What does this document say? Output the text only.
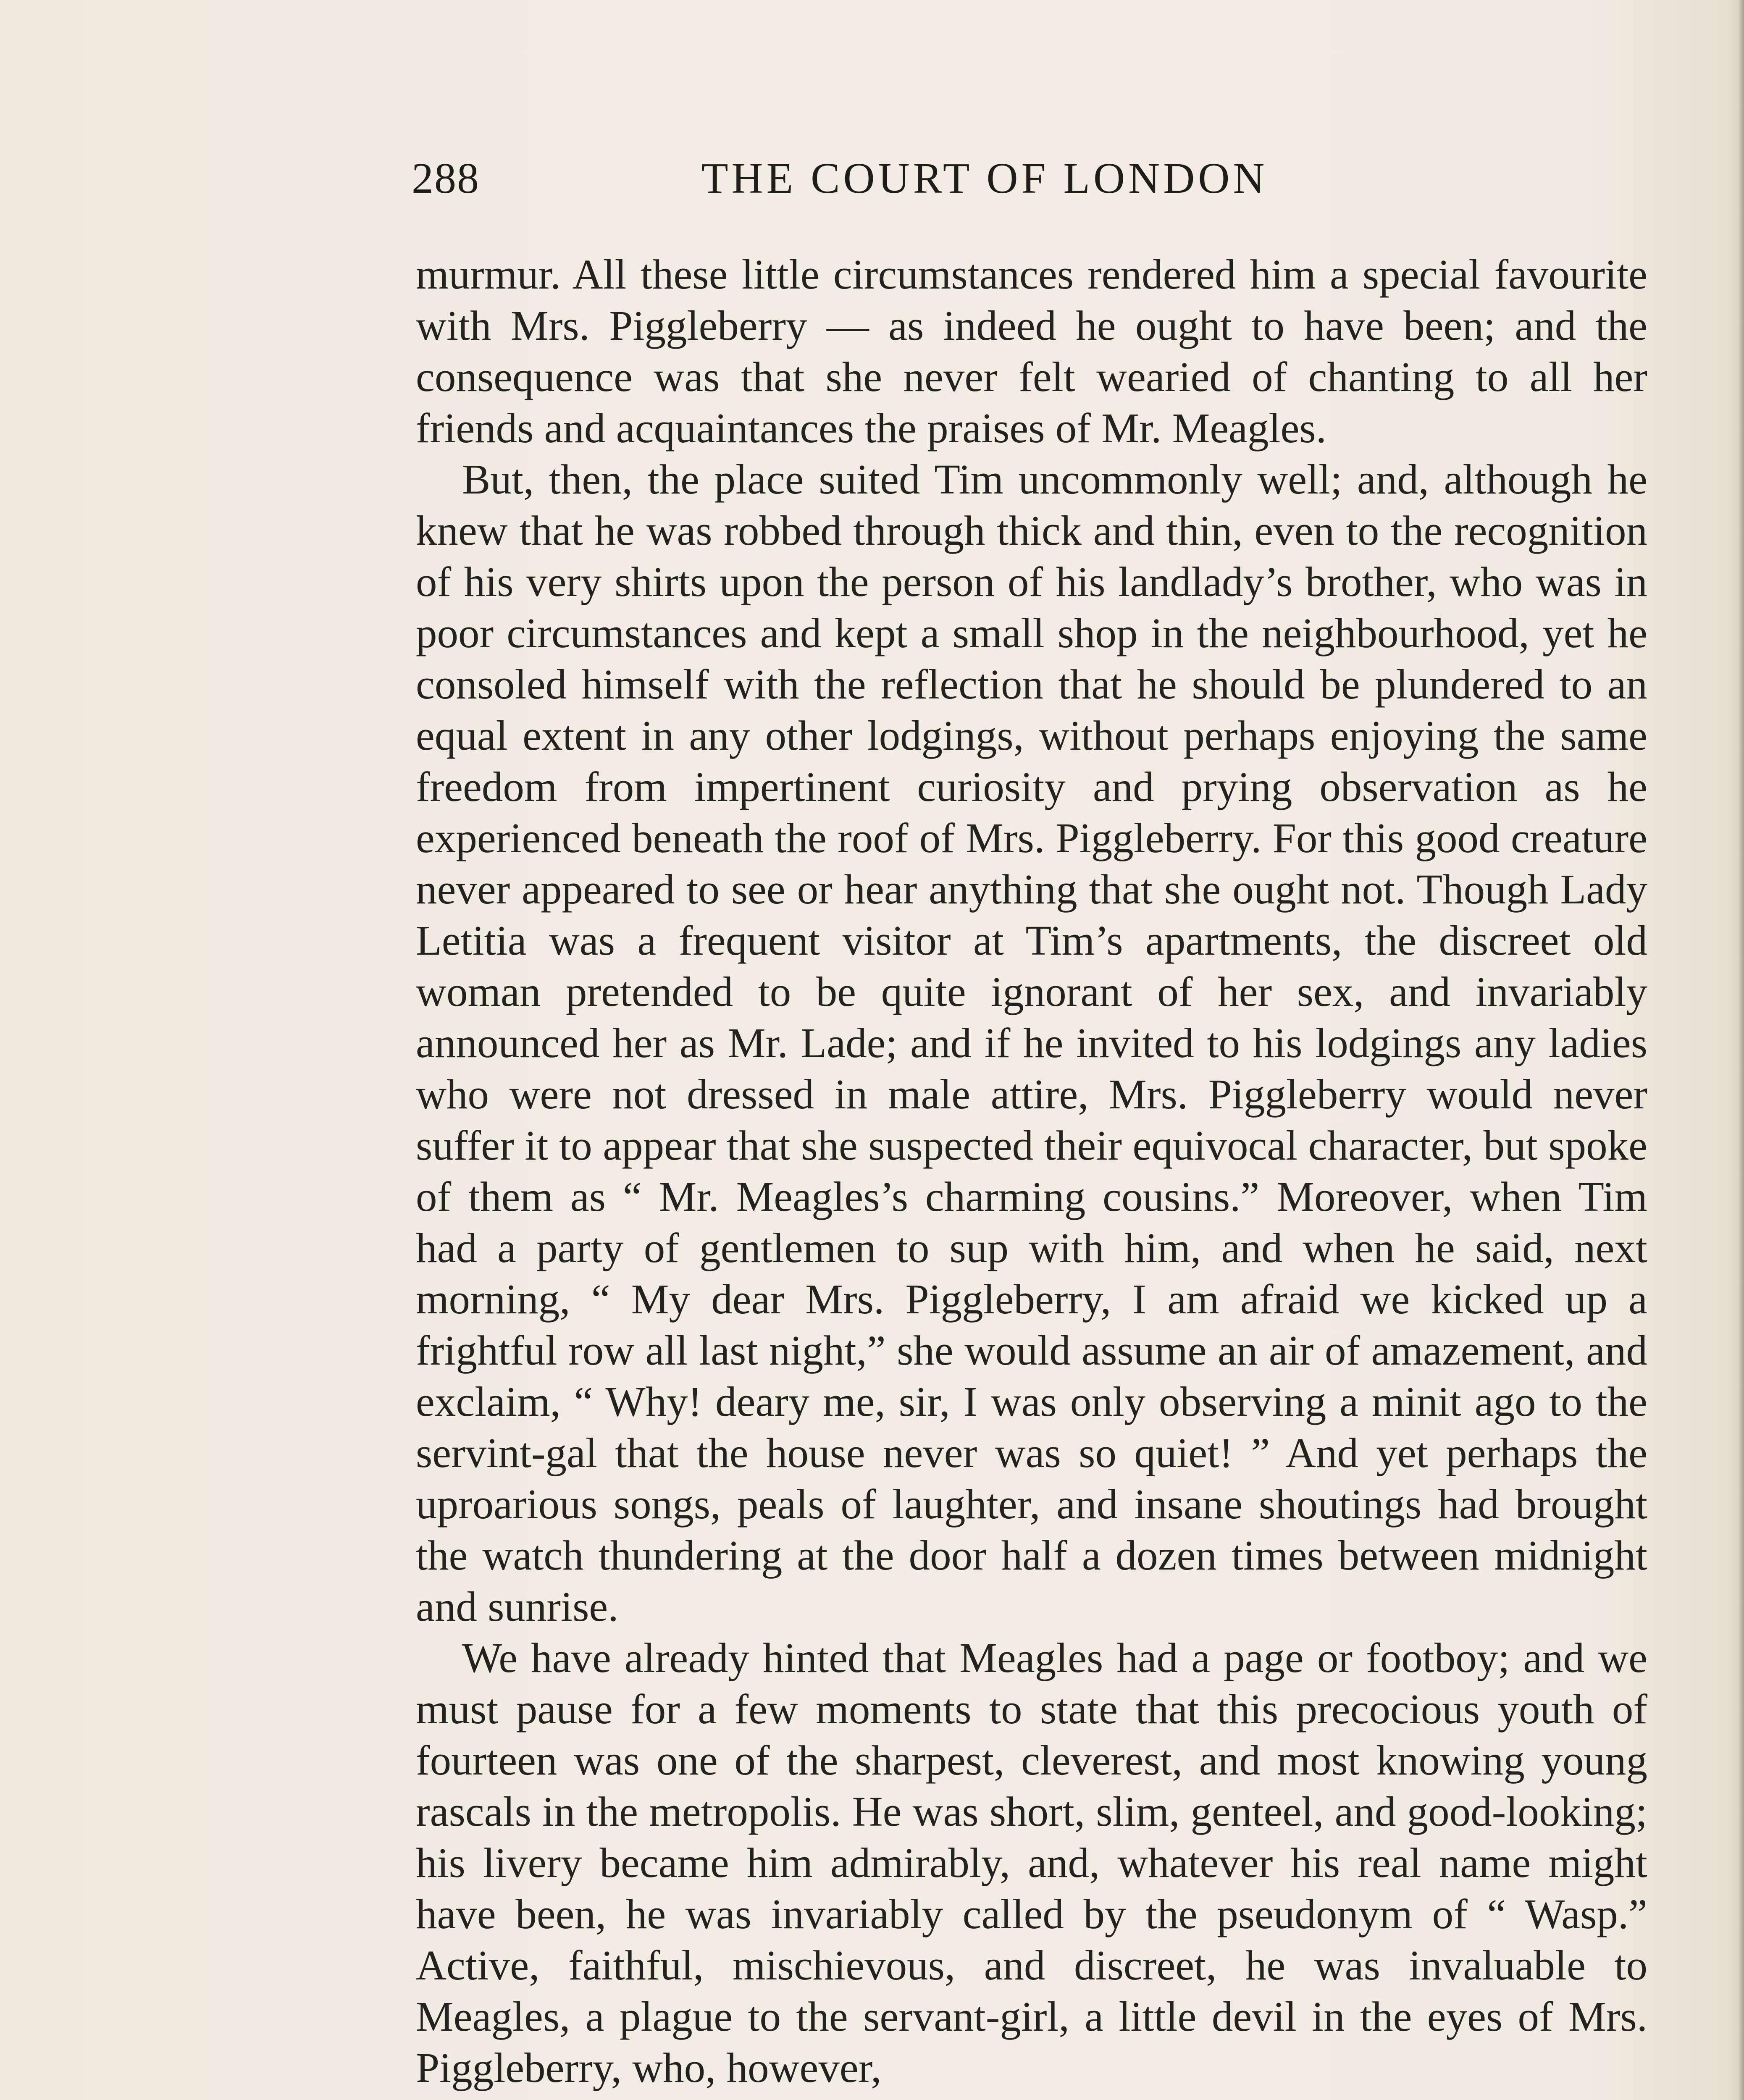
288	THE COURT OF LONDON

murmur. All these little circumstances rendered him a special favourite with Mrs. Piggleberry — as indeed he ought to have been; and the consequence was that she never felt wearied of chanting to all her friends and acquaintances the praises of Mr. Meagles.

But, then, the place suited Tim uncommonly well; and, although he knew that he was robbed through thick and thin, even to the recognition of his very shirts upon the person of his landlady’s brother, who was in poor circumstances and kept a small shop in the neighbourhood, yet he consoled himself with the reflection that he should be plundered to an equal extent in any other lodgings, without perhaps enjoying the same freedom from impertinent curiosity and prying observation as he experienced beneath the roof of Mrs. Piggleberry. For this good creature never appeared to see or hear anything that she ought not. Though Lady Letitia was a frequent visitor at Tim’s apartments, the discreet old woman pretended to be quite ignorant of her sex, and invariably announced her as Mr. Lade; and if he invited to his lodgings any ladies who were not dressed in male attire, Mrs. Piggleberry would never suffer it to appear that she suspected their equivocal character, but spoke of them as “ Mr. Meagles’s charming cousins.” Moreover, when Tim had a party of gentlemen to sup with him, and when he said, next morning, “ My dear Mrs. Piggleberry, I am afraid we kicked up a frightful row all last night,” she would assume an air of amazement, and exclaim, “ Why! deary me, sir, I was only observing a minit ago to the servint-gal that the house never was so quiet! ” And yet perhaps the uproarious songs, peals of laughter, and insane shoutings had brought the watch thundering at the door half a dozen times between midnight and sunrise.

We have already hinted that Meagles had a page or footboy; and we must pause for a few moments to state that this precocious youth of fourteen was one of the sharpest, cleverest, and most knowing young rascals in the metropolis. He was short, slim, genteel, and good-looking; his livery became him admirably, and, whatever his real name might have been, he was invariably called by the pseudonym of “ Wasp.” Active, faithful, mischievous, and discreet, he was invaluable to Meagles, a plague to the servant-girl, a little devil in the eyes of Mrs. Piggleberry, who, however,
